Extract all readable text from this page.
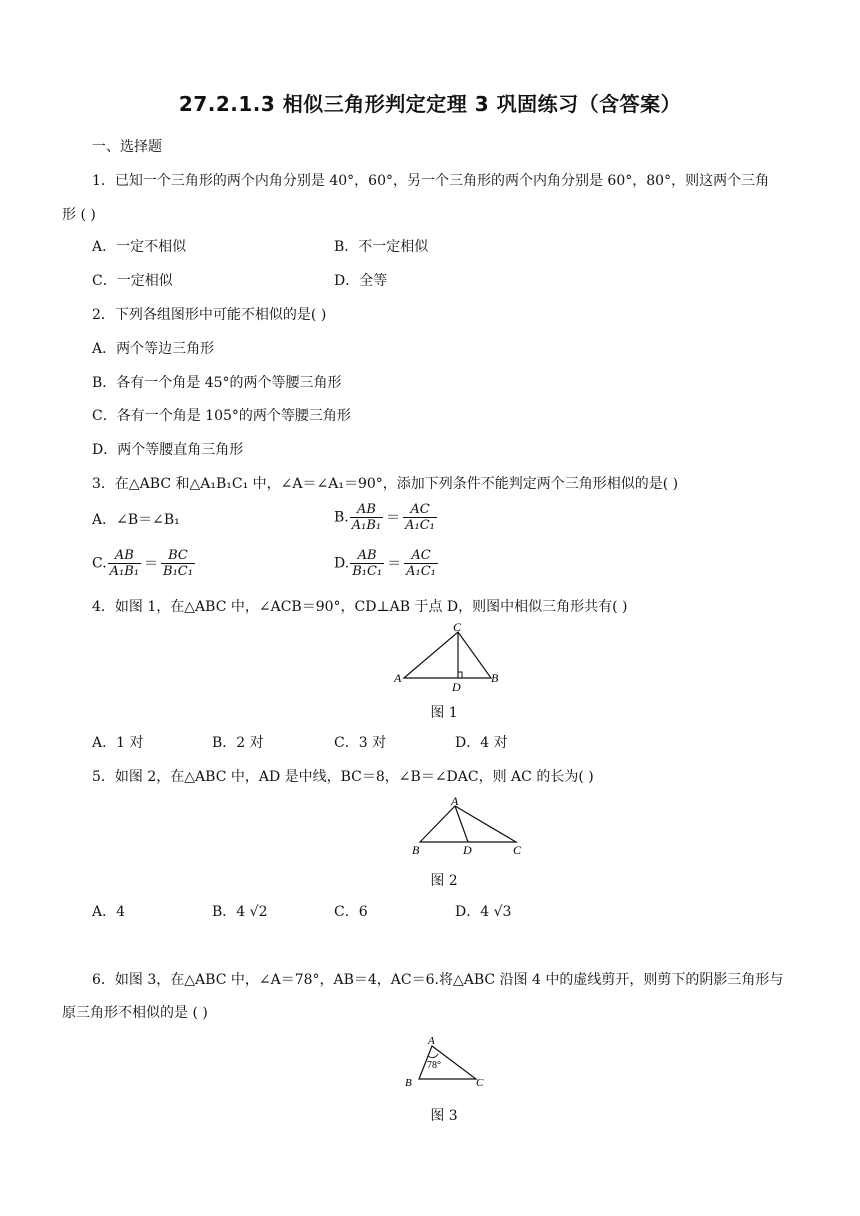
27.2.1.3 相似三角形判定定理 3 巩固练习（含答案）
一、选择题
1．已知一个三角形的两个内角分别是 40°，60°，另一个三角形的两个内角分别是 60°，80°，则这两个三角
形 ( )
A．一定不相似	B．不一定相似
C．一定相似	D．全等
2．下列各组图形中可能不相似的是( )
A．两个等边三角形
B．各有一个角是 45°的两个等腰三角形
C．各有一个角是 105°的两个等腰三角形
D．两个等腰直角三角形
3．在△ABC 和△A₁B₁C₁ 中，∠A＝∠A₁＝90°，添加下列条件不能判定两个三角形相似的是( )
A．∠B＝∠B₁	B. $\frac{AB}{\text{A₁B₁}} = \frac{AC}{\text{A₁C₁}}$
C. $\frac{AB}{\text{A₁B₁}} = \frac{BC}{\text{B₁C₁}}$	D. $\frac{AB}{\text{B₁C₁}} = \frac{AC}{\text{A₁C₁}}$
4．如图 1，在△ABC 中，∠ACB＝90°，CD⊥AB 于点 D，则图中相似三角形共有( )
A
C
B
D
图 1
A．1 对	B．2 对	C．3 对	D．4 对
5．如图 2，在△ABC 中，AD 是中线，BC＝8，∠B＝∠DAC，则 AC 的长为( )
A
B	D	C
图 2
A．4	B．4 √2	C．6	D．4 √3
6．如图 3，在△ABC 中，∠A＝78°，AB＝4，AC＝6.将△ABC 沿图 4 中的虚线剪开，则剪下的阴影三角形与
原三角形不相似的是 ( )
A
78°
B	C
图 3
